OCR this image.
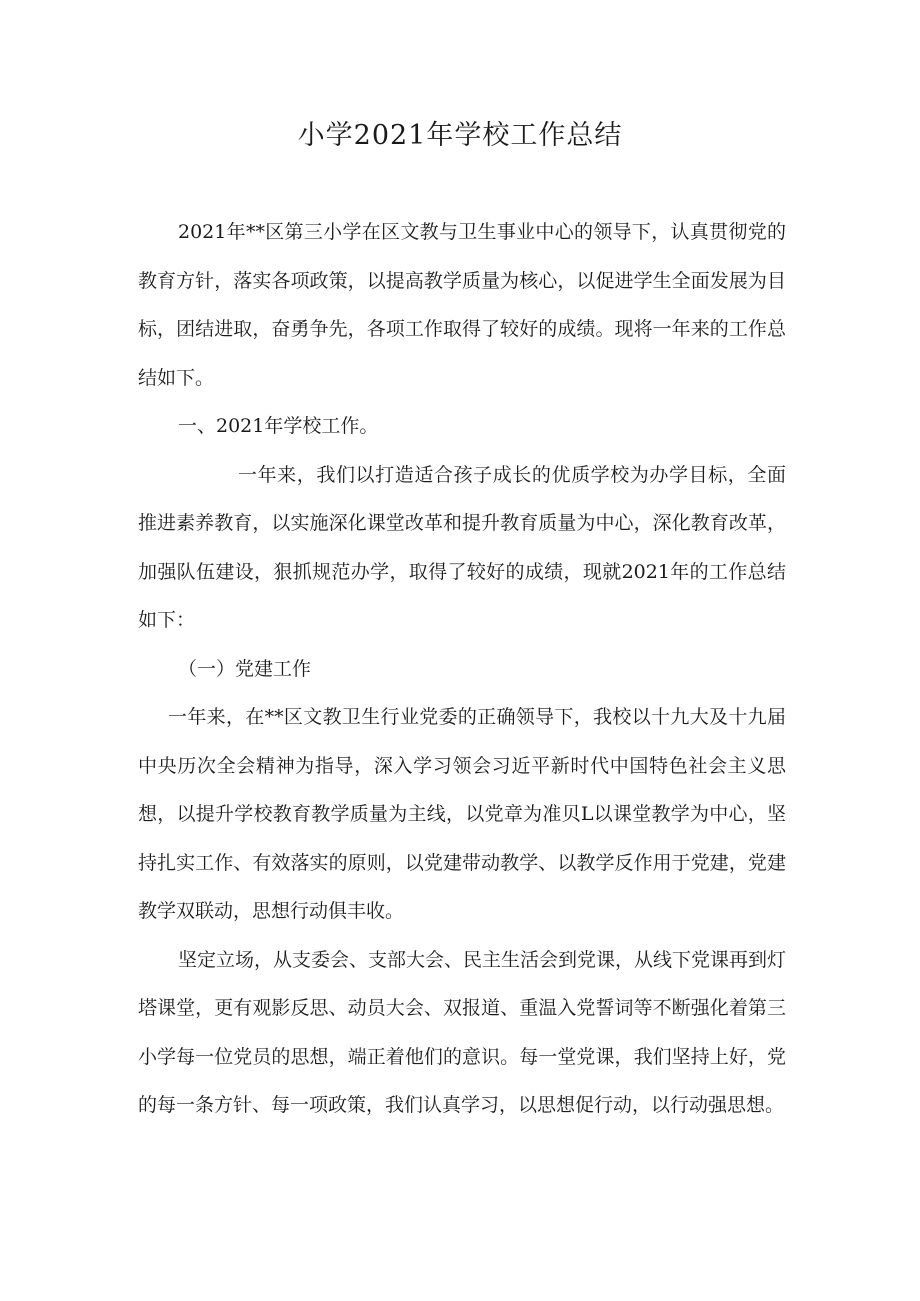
小学2021年学校工作总结

2021年**区第三小学在区文教与卫生事业中心的领导下，认真贯彻党的教育方针，落实各项政策，以提高教学质量为核心，以促进学生全面发展为目标，团结进取，奋勇争先，各项工作取得了较好的成绩。现将一年来的工作总结如下。

一、2021年学校工作。

一年来，我们以打造适合孩子成长的优质学校为办学目标，全面推进素养教育，以实施深化课堂改革和提升教育质量为中心，深化教育改革，加强队伍建设，狠抓规范办学，取得了较好的成绩，现就2021年的工作总结如下：

（一）党建工作

一年来，在**区文教卫生行业党委的正确领导下，我校以十九大及十九届中央历次全会精神为指导，深入学习领会习近平新时代中国特色社会主义思想，以提升学校教育教学质量为主线，以党章为准贝L以课堂教学为中心，坚持扎实工作、有效落实的原则，以党建带动教学、以教学反作用于党建，党建教学双联动，思想行动俱丰收。

坚定立场，从支委会、支部大会、民主生活会到党课，从线下党课再到灯塔课堂，更有观影反思、动员大会、双报道、重温入党誓词等不断强化着第三小学每一位党员的思想，端正着他们的意识。每一堂党课，我们坚持上好，党的每一条方针、每一项政策，我们认真学习，以思想促行动，以行动强思想。
